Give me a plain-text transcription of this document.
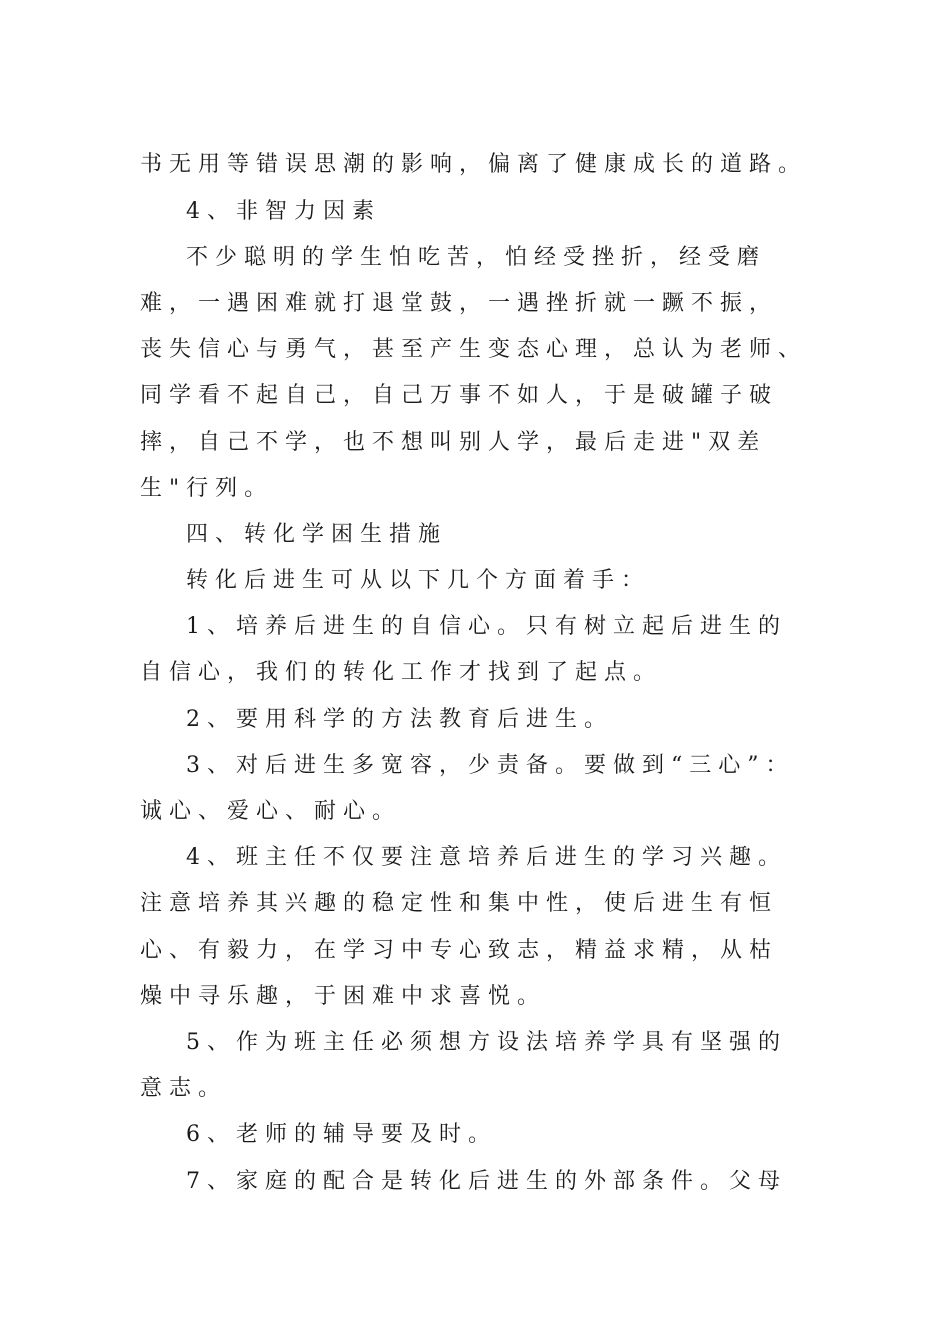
书无用等错误思潮的影响，偏离了健康成长的道路。
4、非智力因素
不少聪明的学生怕吃苦，怕经受挫折，经受磨
难，一遇困难就打退堂鼓，一遇挫折就一蹶不振，
丧失信心与勇气，甚至产生变态心理，总认为老师、
同学看不起自己，自己万事不如人，于是破罐子破
摔，自己不学，也不想叫别人学，最后走进"双差
生"行列。
四、转化学困生措施
转化后进生可从以下几个方面着手：
1、培养后进生的自信心。只有树立起后进生的
自信心，我们的转化工作才找到了起点。
2、要用科学的方法教育后进生。
3、对后进生多宽容，少责备。要做到“三心”：
诚心、爱心、耐心。
4、班主任不仅要注意培养后进生的学习兴趣。
注意培养其兴趣的稳定性和集中性，使后进生有恒
心、有毅力，在学习中专心致志，精益求精，从枯
燥中寻乐趣，于困难中求喜悦。
5、作为班主任必须想方设法培养学具有坚强的
意志。
6、老师的辅导要及时。
7、家庭的配合是转化后进生的外部条件。父母
